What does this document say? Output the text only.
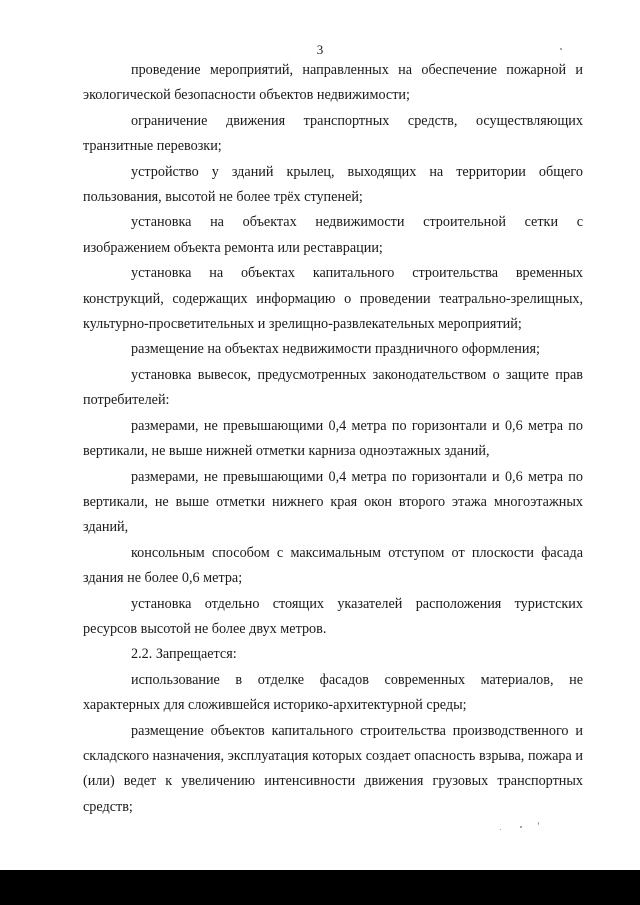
3

проведение мероприятий, направленных на обеспечение пожарной и экологической безопасности объектов недвижимости;

ограничение движения транспортных средств, осуществляющих транзитные перевозки;

устройство у зданий крылец, выходящих на территории общего пользования, высотой не более трёх ступеней;

установка на объектах недвижимости строительной сетки с изображением объекта ремонта или реставрации;

установка на объектах капитального строительства временных конструкций, содержащих информацию о проведении театрально-зрелищных, культурно-просветительных и зрелищно-развлекательных мероприятий;

размещение на объектах недвижимости праздничного оформления;

установка вывесок, предусмотренных законодательством о защите прав потребителей:

размерами, не превышающими 0,4 метра по горизонтали и 0,6 метра по вертикали, не выше нижней отметки карниза одноэтажных зданий,

размерами, не превышающими 0,4 метра по горизонтали и 0,6 метра по вертикали, не выше отметки нижнего края окон второго этажа многоэтажных зданий,

консольным способом с максимальным отступом от плоскости фасада здания не более 0,6 метра;

установка отдельно стоящих указателей расположения туристских ресурсов высотой не более двух метров.

2.2. Запрещается:

использование в отделке фасадов современных материалов, не характерных для сложившейся историко-архитектурной среды;

размещение объектов капитального строительства производственного и складского назначения, эксплуатация которых создает опасность взрыва, пожара и (или) ведет к увеличению интенсивности движения грузовых транспортных средств;
